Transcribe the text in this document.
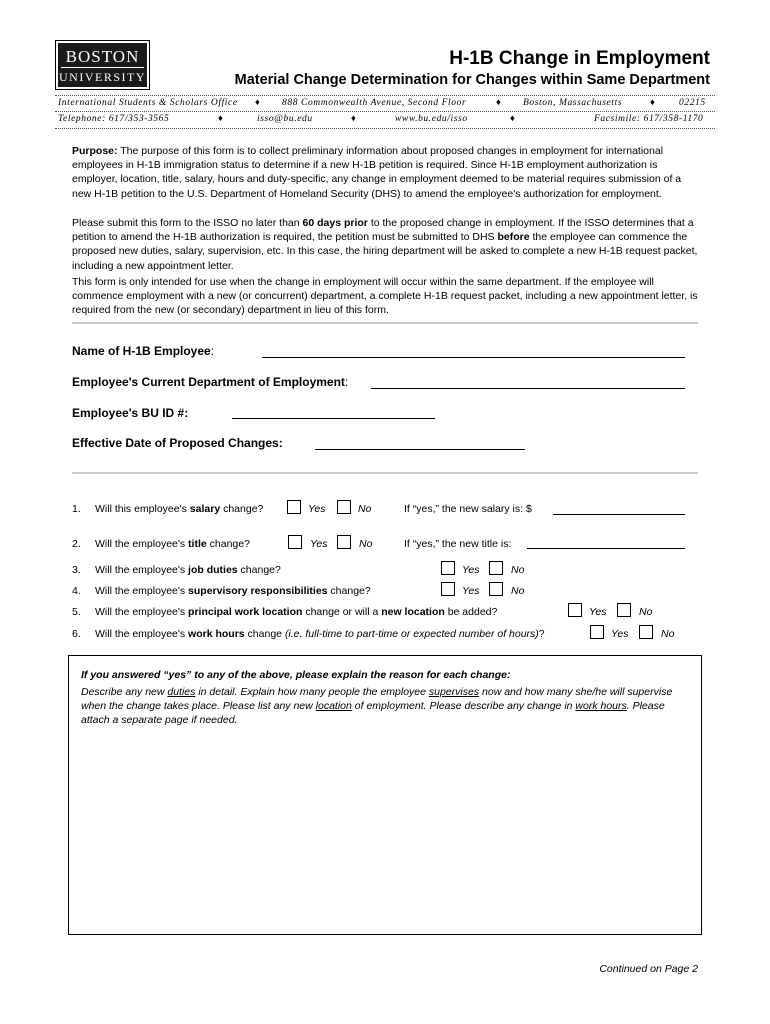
BOSTON
UNIVERSITY
H-1B Change in Employment
Material Change Determination for Changes within Same Department
International Students & Scholars Office ♦ 888 Commonwealth Avenue, Second Floor	♦ Boston, Massachusetts	♦ 02215
Telephone: 617/353-3565	♦	isso@bu.edu	♦	www.bu.edu/isso	♦	Facsimile: 617/358-1170
Purpose: The purpose of this form is to collect preliminary information about proposed changes in employment for international employees in H-1B immigration status to determine if a new H-1B petition is required. Since H-1B employment authorization is employer, location, title, salary, hours and duty-specific, any change in employment deemed to be material requires submission of a new H-1B petition to the U.S. Department of Homeland Security (DHS) to amend the employee's authorization for employment.
Please submit this form to the ISSO no later than 60 days prior to the proposed change in employment. If the ISSO determines that a petition to amend the H-1B authorization is required, the petition must be submitted to DHS before the employee can commence the proposed new duties, salary, supervision, etc. In this case, the hiring department will be asked to complete a new H-1B request packet, including a new appointment letter.
This form is only intended for use when the change in employment will occur within the same department. If the employee will commence employment with a new (or concurrent) department, a complete H-1B request packet, including a new appointment letter, is required from the new (or secondary) department in lieu of this form.
Name of H-1B Employee:
Employee's Current Department of Employment:
Employee's BU ID #:
Effective Date of Proposed Changes:
1. Will this employee's salary change?	Yes	No	If “yes,” the new salary is: $
2. Will the employee's title change?	Yes	No	If “yes,” the new title is:
3. Will the employee's job duties change?	Yes	No
4. Will the employee's supervisory responsibilities change?	Yes	No
5. Will the employee's principal work location change or will a new location be added?	Yes	No
6. Will the employee's work hours change (i.e. full-time to part-time or expected number of hours)?	Yes	No
If you answered “yes” to any of the above, please explain the reason for each change:
Describe any new duties in detail. Explain how many people the employee supervises now and how many she/he will supervise when the change takes place. Please list any new location of employment. Please describe any change in work hours. Please attach a separate page if needed.
Continued on Page 2
